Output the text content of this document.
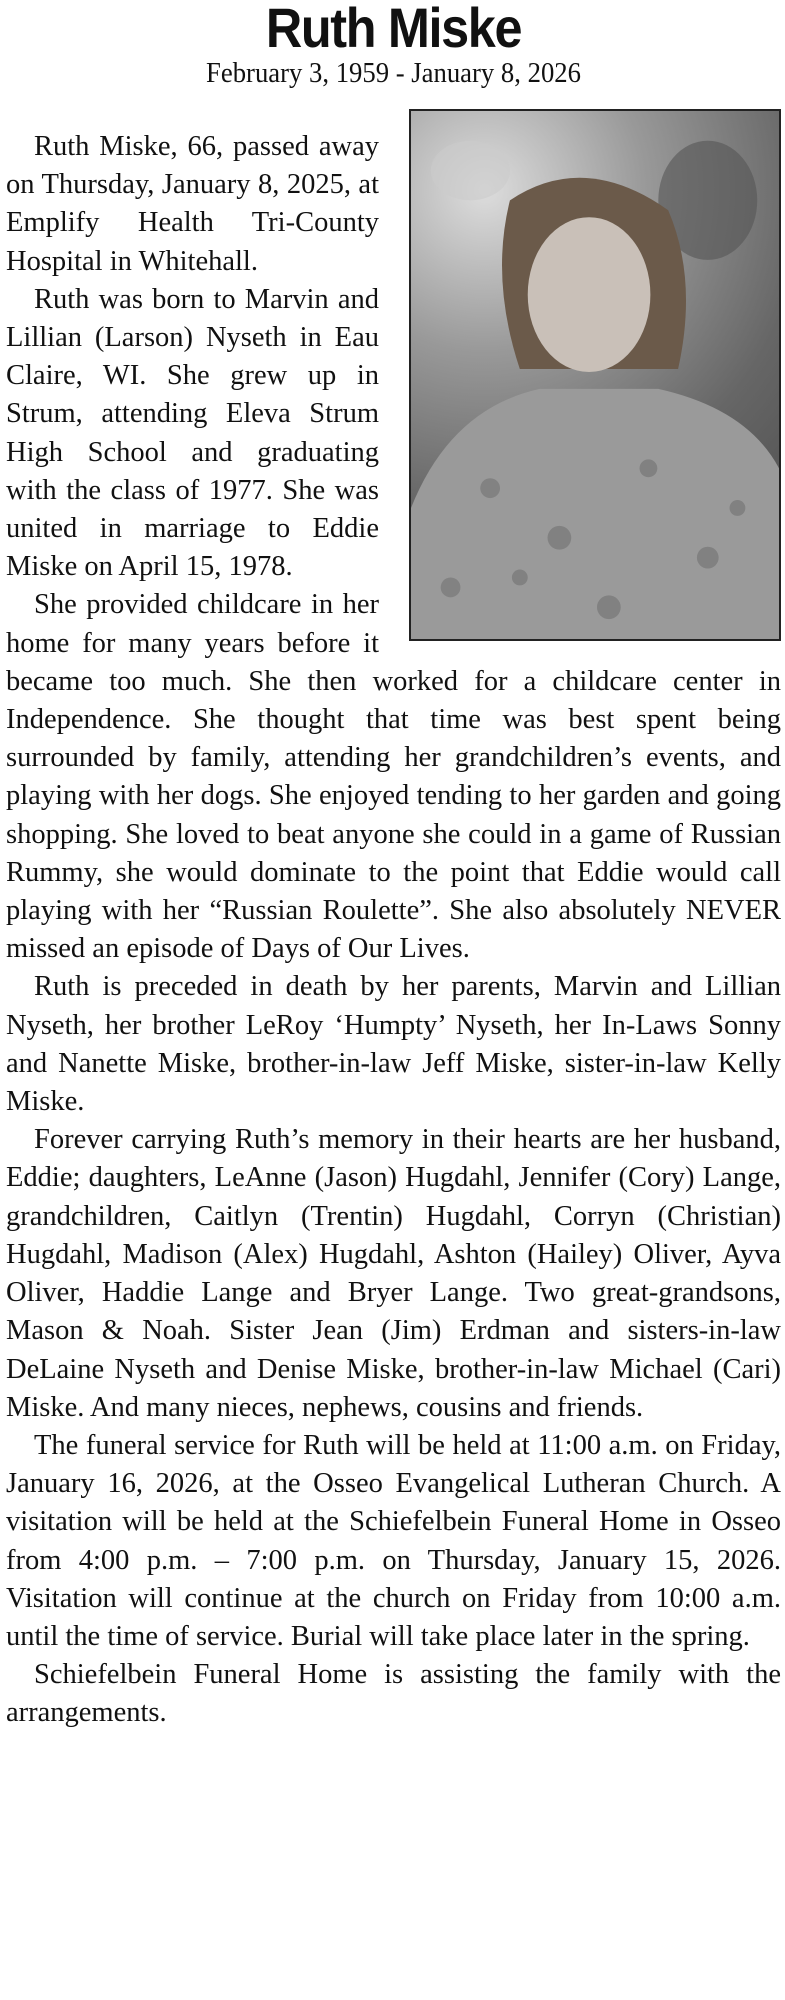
Ruth Miske
February 3, 1959 - January 8, 2026

Ruth Miske, 66, passed away on Thursday, January 8, 2025, at Emplify Health Tri-County Hospital in Whitehall.

Ruth was born to Marvin and Lillian (Larson) Nyseth in Eau Claire, WI. She grew up in Strum, attending Eleva Strum High School and graduating with the class of 1977. She was united in marriage to Eddie Miske on April 15, 1978.

She provided childcare in her home for many years before it became too much. She then worked for a childcare center in Independence. She thought that time was best spent being surrounded by family, attending her grandchildren’s events, and playing with her dogs. She enjoyed tending to her garden and going shopping. She loved to beat anyone she could in a game of Russian Rummy, she would dominate to the point that Eddie would call playing with her “Russian Roulette”. She also absolutely NEVER missed an episode of Days of Our Lives.

Ruth is preceded in death by her parents, Marvin and Lillian Nyseth, her brother LeRoy ‘Humpty’ Nyseth, her In-Laws Sonny and Nanette Miske, brother-in-law Jeff Miske, sister-in-law Kelly Miske.

Forever carrying Ruth’s memory in their hearts are her husband, Eddie; daughters, LeAnne (Jason) Hugdahl, Jennifer (Cory) Lange, grandchildren, Caitlyn (Trentin) Hugdahl, Corryn (Christian) Hugdahl, Madison (Alex) Hugdahl, Ashton (Hailey) Oliver, Ayva Oliver, Haddie Lange and Bryer Lange. Two great-grandsons, Mason & Noah. Sister Jean (Jim) Erdman and sisters-in-law DeLaine Nyseth and Denise Miske, brother-in-law Michael (Cari) Miske. And many nieces, nephews, cousins and friends.

The funeral service for Ruth will be held at 11:00 a.m. on Friday, January 16, 2026, at the Osseo Evangelical Lutheran Church. A visitation will be held at the Schiefelbein Funeral Home in Osseo from 4:00 p.m. – 7:00 p.m. on Thursday, January 15, 2026. Visitation will continue at the church on Friday from 10:00 a.m. until the time of service. Burial will take place later in the spring.

Schiefelbein Funeral Home is assisting the family with the arrangements.
